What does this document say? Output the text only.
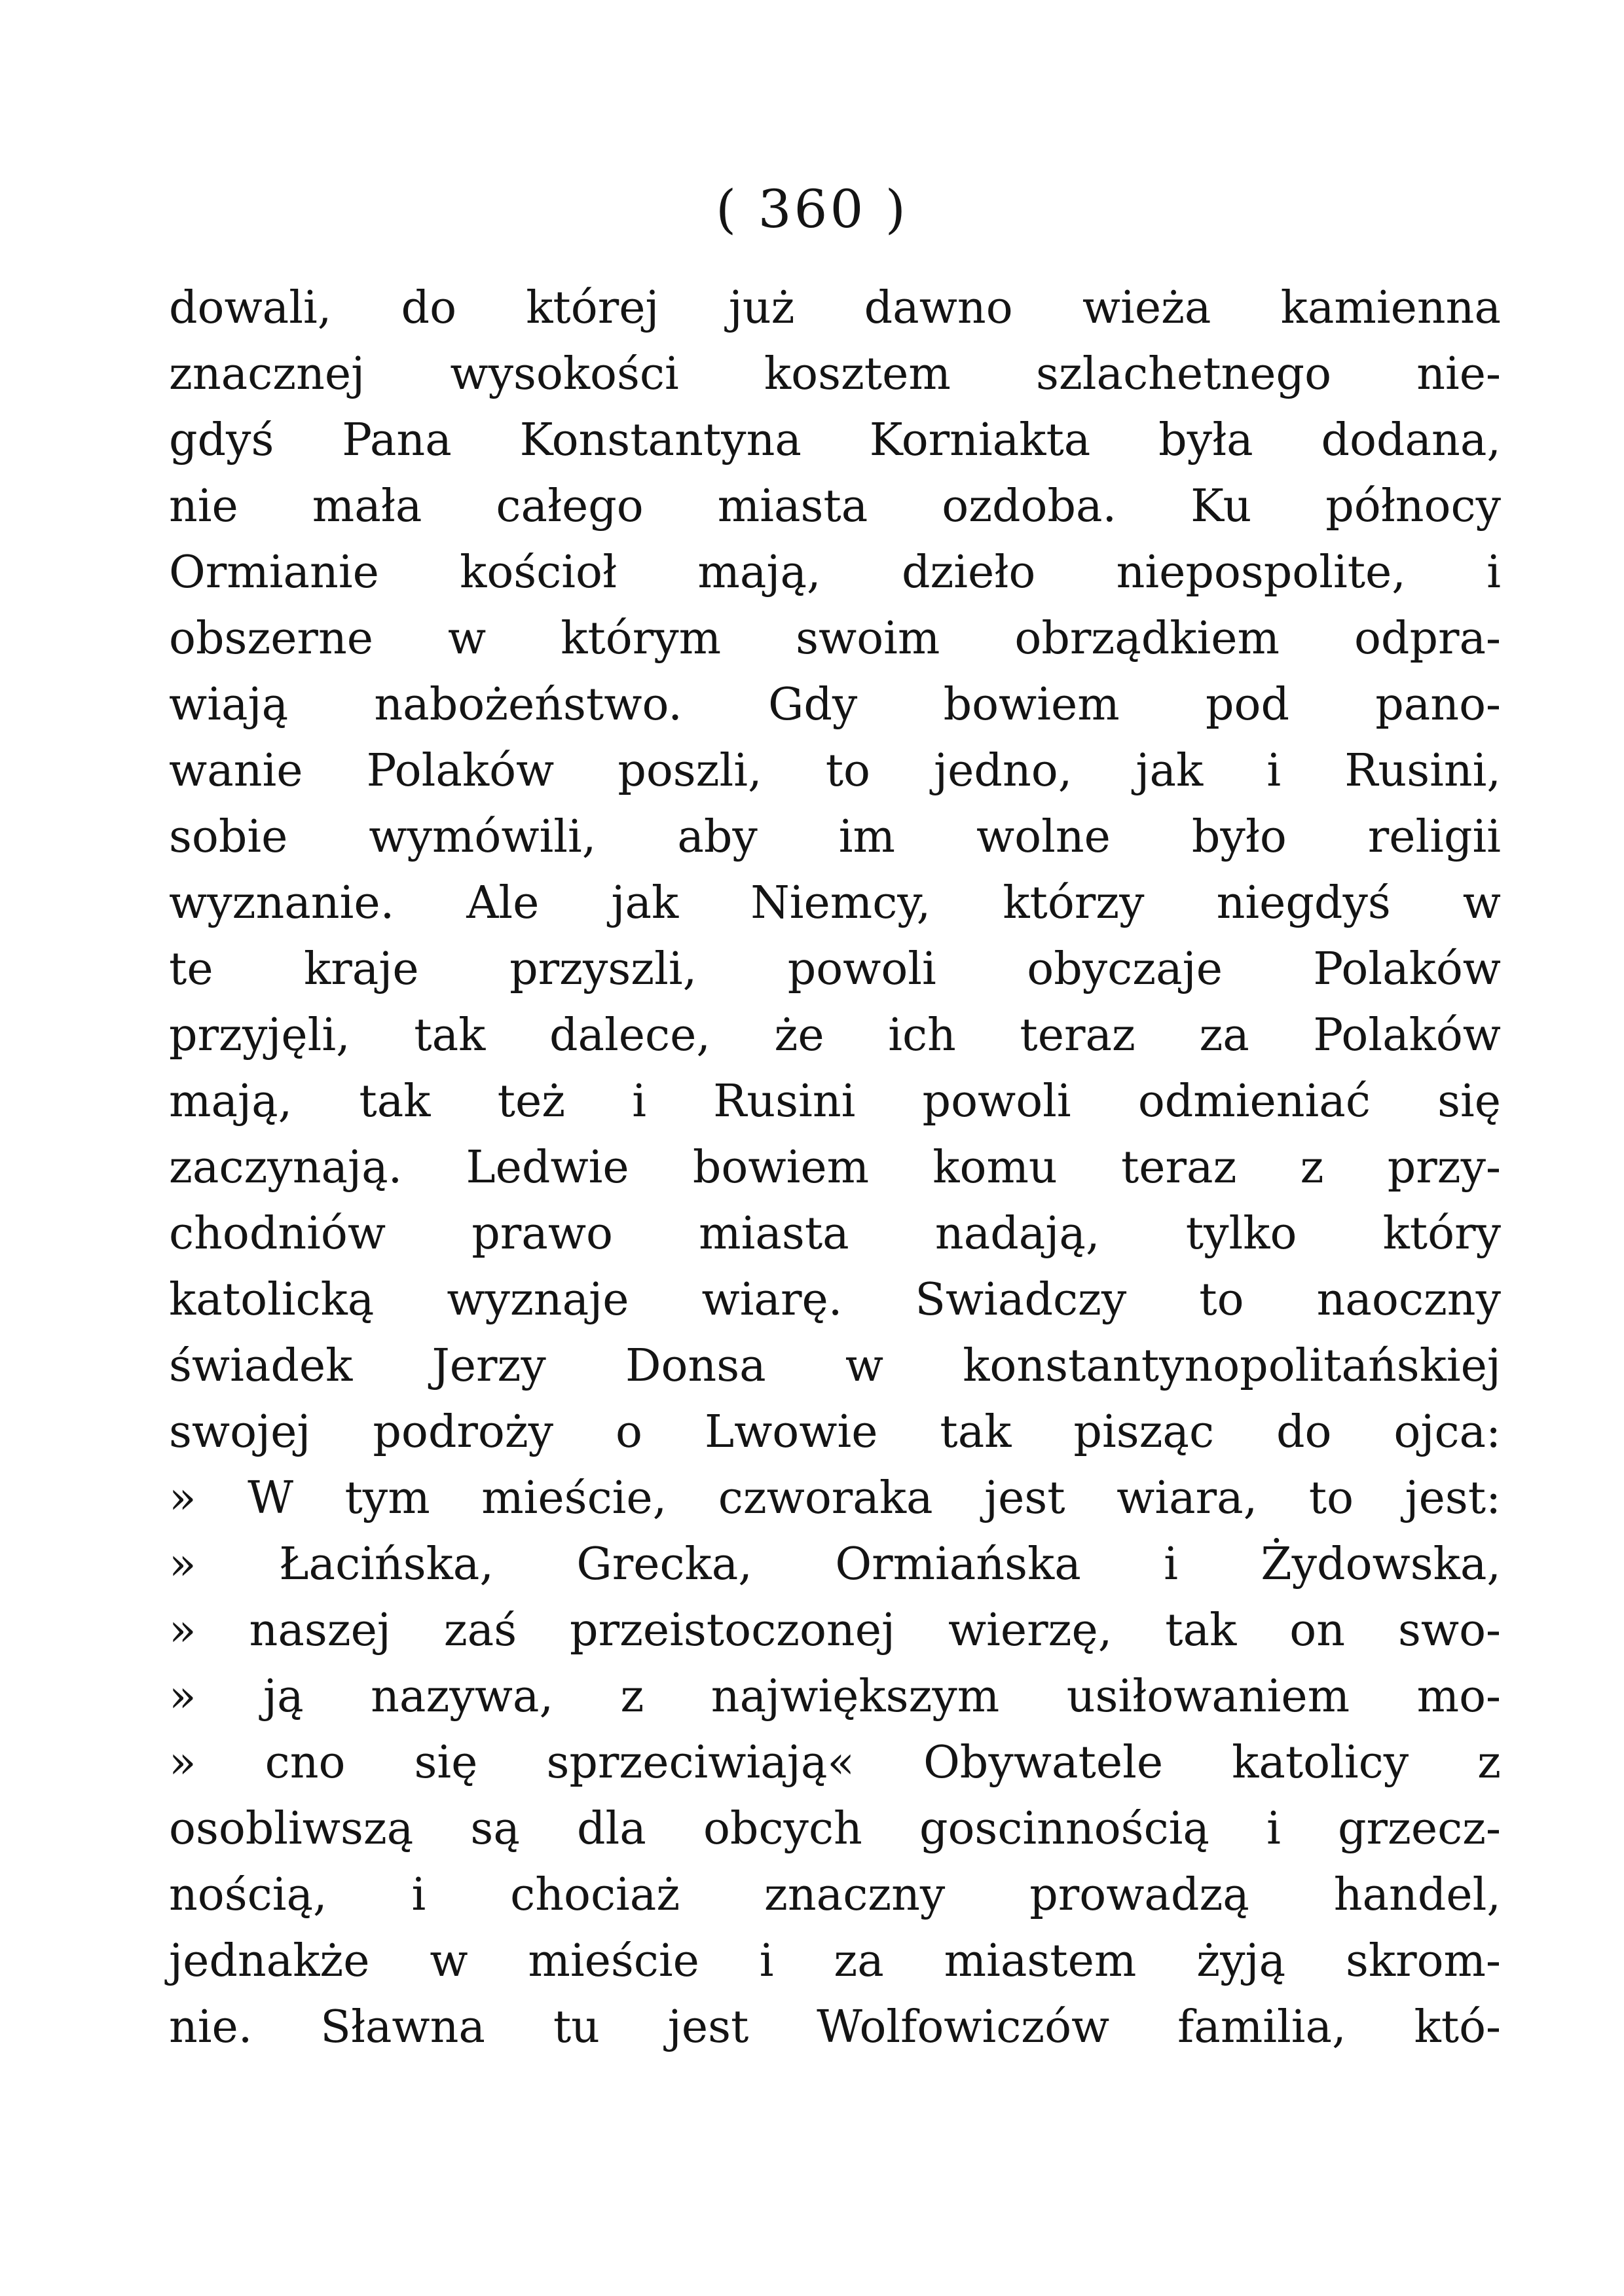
( 360 )
dowali, do której już dawno wieża kamienna
znacznej wysokości kosztem szlachetnego nie-
gdyś Pana Konstantyna Korniakta była dodana,
nie mała całego miasta ozdoba. Ku północy
Ormianie kościoł mają, dzieło niepospolite, i
obszerne w którym swoim obrządkiem odpra-
wiają nabożeństwo. Gdy bowiem pod pano-
wanie Polaków poszli, to jedno, jak i Rusini,
sobie wymówili, aby im wolne było religii
wyznanie. Ale jak Niemcy, którzy niegdyś w
te kraje przyszli, powoli obyczaje Polaków
przyjęli, tak dalece, że ich teraz za Polaków
mają, tak też i Rusini powoli odmieniać się
zaczynają. Ledwie bowiem komu teraz z przy-
chodniów prawo miasta nadają, tylko który
katolicką wyznaje wiarę. Swiadczy to naoczny
świadek Jerzy Donsa w konstantynopolitańskiej
swojej podroży o Lwowie tak pisząc do ojca:
» W tym mieście, czworaka jest wiara, to jest:
» Łacińska, Grecka, Ormiańska i Żydowska,
» naszej zaś przeistoczonej wierzę, tak on swo-
» ją nazywa, z największym usiłowaniem mo-
» cno się sprzeciwiają« Obywatele katolicy z
osobliwszą są dla obcych goscinnością i grzecz-
nością, i chociaż znaczny prowadzą handel,
jednakże w mieście i za miastem żyją skrom-
nie. Sławna tu jest Wolfowiczów familia, któ-
